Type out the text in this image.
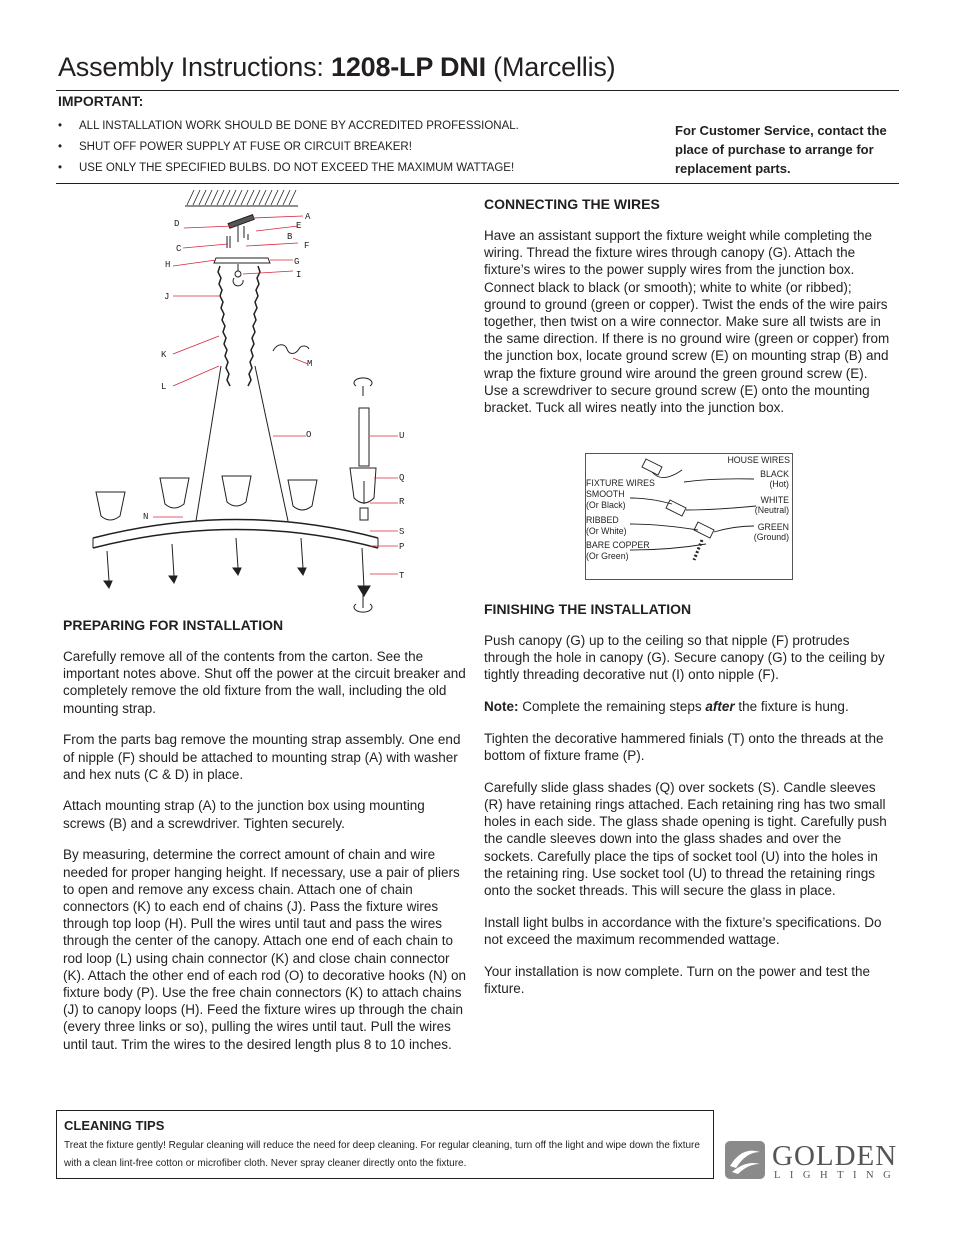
Assembly Instructions: 1208-LP DNI (Marcellis)
IMPORTANT:
• ALL INSTALLATION WORK SHOULD BE DONE BY ACCREDITED PROFESSIONAL.
• SHUT OFF POWER SUPPLY AT FUSE OR CIRCUIT BREAKER!
• USE ONLY THE SPECIFIED BULBS. DO NOT EXCEED THE MAXIMUM WATTAGE!
For Customer Service, contact the place of purchase to arrange for replacement parts.
A
D	E
B
C	F
H	G
I
J
K
M
L
O	U
Q
R
N
S
P
T
PREPARING FOR INSTALLATION

Carefully remove all of the contents from the carton. See the important notes above. Shut off the power at the circuit breaker and completely remove the old fixture from the wall, including the old mounting strap.

From the parts bag remove the mounting strap assembly. One end of nipple (F) should be attached to mounting strap (A) with washer and hex nuts (C & D) in place.

Attach mounting strap (A) to the junction box using mounting screws (B) and a screwdriver. Tighten securely.

By measuring, determine the correct amount of chain and wire needed for proper hanging height. If necessary, use a pair of pliers to open and remove any excess chain. Attach one of chain connectors (K) to each end of chains (J). Pass the fixture wires through top loop (H). Pull the wires until taut and pass the wires through the center of the canopy. Attach one end of each chain to rod loop (L) using chain connector (K) and close chain connector (K). Attach the other end of each rod (O) to decorative hooks (N) on fixture body (P). Use the free chain connectors (K) to attach chains (J) to canopy loops (H). Feed the fixture wires up through the chain (every three links or so), pulling the wires until taut. Pull the wires until taut. Trim the wires to the desired length plus 8 to 10 inches.

CONNECTING THE WIRES

Have an assistant support the fixture weight while completing the wiring. Thread the fixture wires through canopy (G). Attach the fixture’s wires to the power supply wires from the junction box. Connect black to black (or smooth); white to white (or ribbed); ground to ground (green or copper). Twist the ends of the wire pairs together, then twist on a wire connector. Make sure all twists are in the same direction. If there is no ground wire (green or copper) from the junction box, locate ground screw (E) on mounting strap (B) and wrap the fixture ground wire around the green ground screw (E). Use a screwdriver to secure ground screw (E) onto the mounting bracket. Tuck all wires neatly into the junction box.

HOUSE WIRES
BLACK
(Hot)
WHITE
(Neutral)
GREEN
(Ground)
FIXTURE WIRES
SMOOTH
(Or Black)
RIBBED
(Or White)
BARE COPPER
(Or Green)
FINISHING THE INSTALLATION

Push canopy (G) up to the ceiling so that nipple (F) protrudes through the hole in canopy (G). Secure canopy (G) to the ceiling by tightly threading decorative nut (I) onto nipple (F).

Note: Complete the remaining steps after the fixture is hung.

Tighten the decorative hammered finials (T) onto the threads at the bottom of fixture frame (P).

Carefully slide glass shades (Q) over sockets (S). Candle sleeves (R) have retaining rings attached. Each retaining ring has two small holes in each side. The glass shade opening is tight. Carefully push the candle sleeves down into the glass shades and over the sockets. Carefully place the tips of socket tool (U) into the holes in the retaining ring. Use socket tool (U) to thread the retaining rings onto the socket threads. This will secure the glass in place.

Install light bulbs in accordance with the fixture’s specifications. Do not exceed the maximum recommended wattage.

Your installation is now complete. Turn on the power and test the fixture.

CLEANING TIPS
Treat the fixture gently! Regular cleaning will reduce the need for deep cleaning. For regular cleaning, turn off the light and wipe down the fixture with a clean lint-free cotton or microfiber cloth. Never spray cleaner directly onto the fixture.	GOLDEN
LIGHTING
